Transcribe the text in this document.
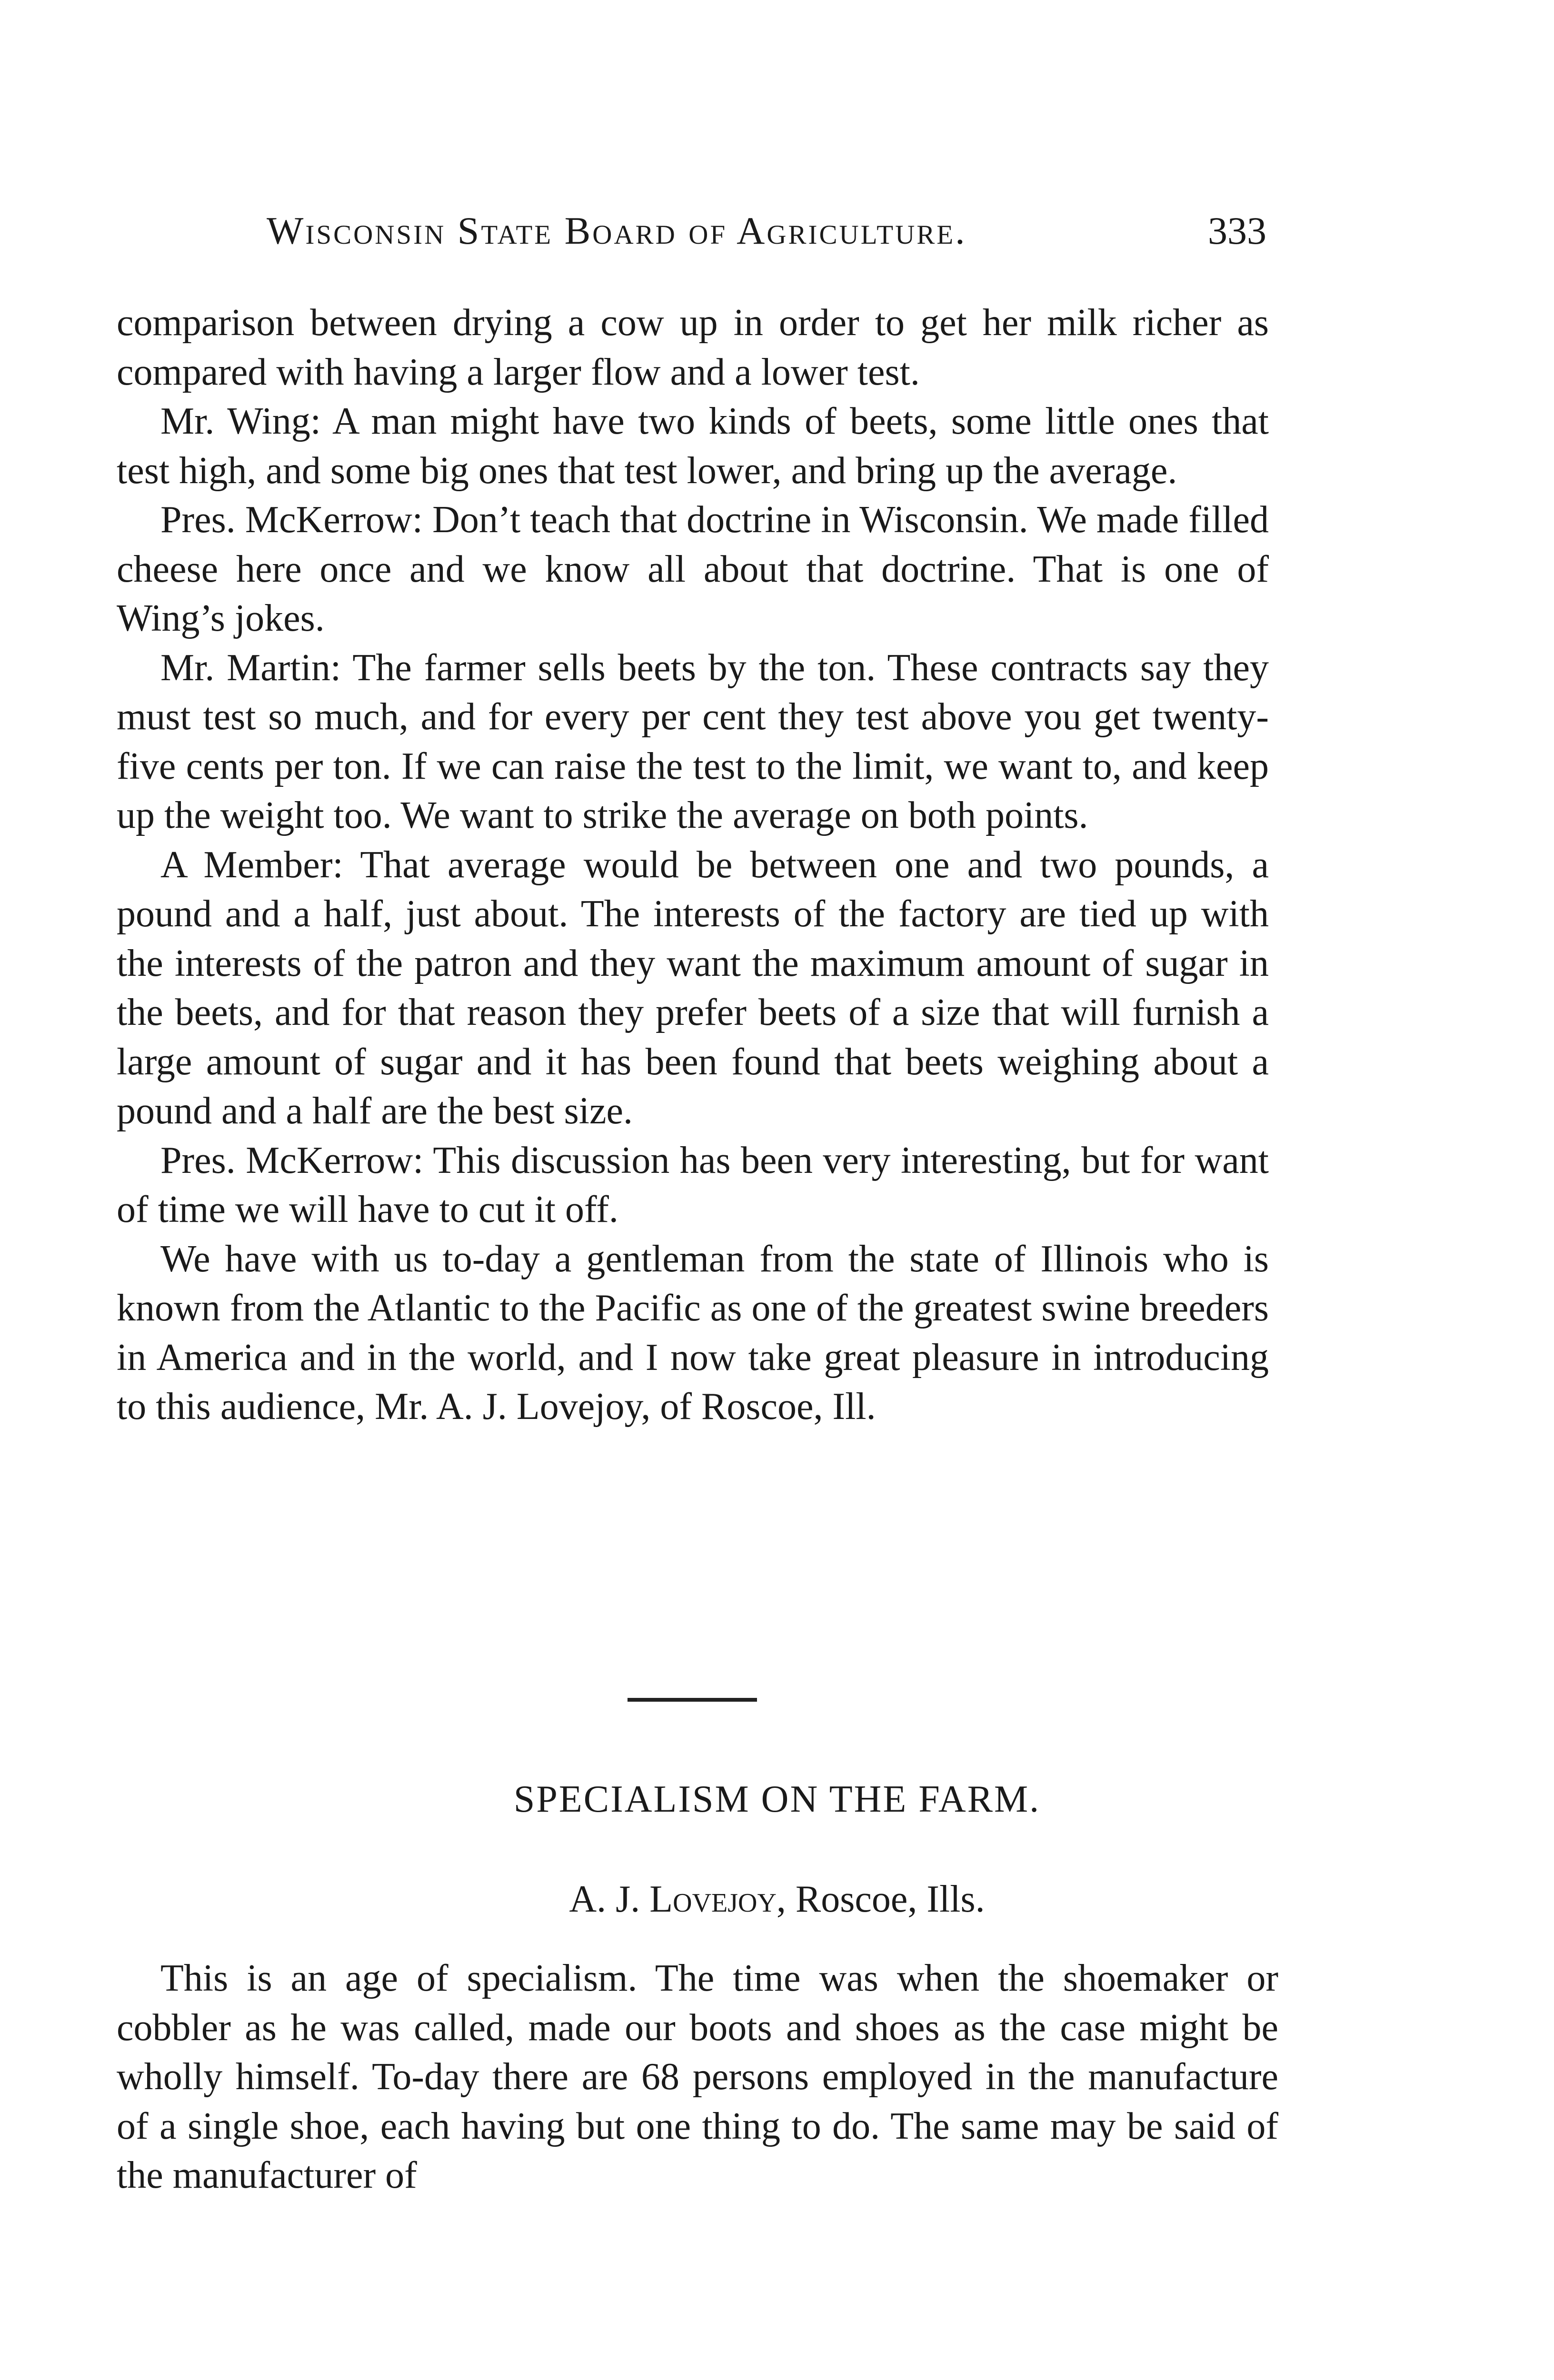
Wisconsin State Board of Agriculture.	333

comparison between drying a cow up in order to get her milk richer as compared with having a larger flow and a lower test.

Mr. Wing: A man might have two kinds of beets, some little ones that test high, and some big ones that test lower, and bring up the average.

Pres. McKerrow: Don’t teach that doctrine in Wisconsin. We made filled cheese here once and we know all about that doctrine. That is one of Wing’s jokes.

Mr. Martin: The farmer sells beets by the ton. These contracts say they must test so much, and for every per cent they test above you get twenty-five cents per ton. If we can raise the test to the limit, we want to, and keep up the weight too. We want to strike the average on both points.

A Member: That average would be between one and two pounds, a pound and a half, just about. The interests of the factory are tied up with the interests of the patron and they want the maximum amount of sugar in the beets, and for that reason they prefer beets of a size that will furnish a large amount of sugar and it has been found that beets weighing about a pound and a half are the best size.

Pres. McKerrow: This discussion has been very interesting, but for want of time we will have to cut it off.

We have with us to-day a gentleman from the state of Illinois who is known from the Atlantic to the Pacific as one of the greatest swine breeders in America and in the world, and I now take great pleasure in introducing to this audience, Mr. A. J. Lovejoy, of Roscoe, Ill.

SPECIALISM ON THE FARM.
A. J. Lovejoy, Roscoe, Ills.

This is an age of specialism. The time was when the shoemaker or cobbler as he was called, made our boots and shoes as the case might be wholly himself. To-day there are 68 persons employed in the manufacture of a single shoe, each having but one thing to do. The same may be said of the manufacturer of
